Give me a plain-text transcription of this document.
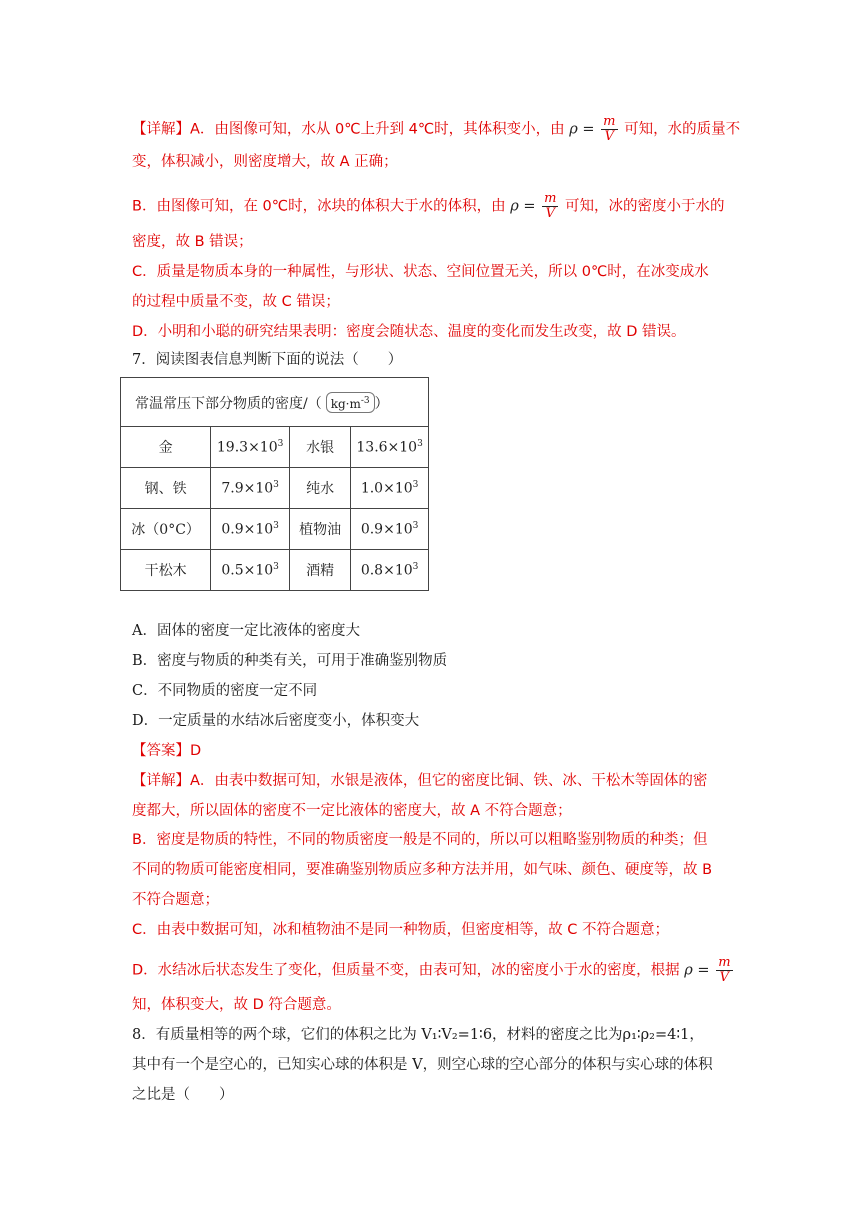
【详解】A．由图像可知，水从 0℃上升到 4℃时，其体积变小，由 $\rho = \frac{m}{V}$ 可知，水的质量不
变，体积减小，则密度增大，故 A 正确；
B．由图像可知，在 0℃时，冰块的体积大于水的体积，由 $\rho = \frac{m}{V}$ 可知，冰的密度小于水的
密度，故 B 错误；
C．质量是物质本身的一种属性，与形状、状态、空间位置无关，所以 0℃时，在冰变成水
的过程中质量不变，故 C 错误；
D．小明和小聪的研究结果表明：密度会随状态、温度的变化而发生改变，故 D 错误。
7．阅读图表信息判断下面的说法（　　）
常温常压下部分物质的密度/（ $kg\cdot m^{-3}$ ）			
金	$19.3\times 10^3$	水银	$13.6\times 10^3$
钢、铁	$7.9\times 10^3$	纯水	$1.0\times 10^3$
冰（0°C）	$0.9\times 10^3$	植物油	$0.9\times 10^3$
干松木	$0.5\times 10^3$	酒精	$0.8\times 10^3$
A．固体的密度一定比液体的密度大
B．密度与物质的种类有关，可用于准确鉴别物质
C．不同物质的密度一定不同
D．一定质量的水结冰后密度变小，体积变大
【答案】D
【详解】A．由表中数据可知，水银是液体，但它的密度比铜、铁、冰、干松木等固体的密
度都大，所以固体的密度不一定比液体的密度大，故 A 不符合题意；
B．密度是物质的特性，不同的物质密度一般是不同的，所以可以粗略鉴别物质的种类；但
不同的物质可能密度相同，要准确鉴别物质应多种方法并用，如气味、颜色、硬度等，故 B
不符合题意；
C．由表中数据可知，冰和植物油不是同一种物质，但密度相等，故 C 不符合题意；
D．水结冰后状态发生了变化，但质量不变，由表可知，冰的密度小于水的密度，根据 $\rho = \frac{m}{V}$
知，体积变大，故 D 符合题意。
8．有质量相等的两个球，它们的体积之比为 V₁∶V₂=1∶6，材料的密度之比为ρ₁∶ρ₂=4∶1，
其中有一个是空心的，已知实心球的体积是 V，则空心球的空心部分的体积与实心球的体积
之比是（　　）
